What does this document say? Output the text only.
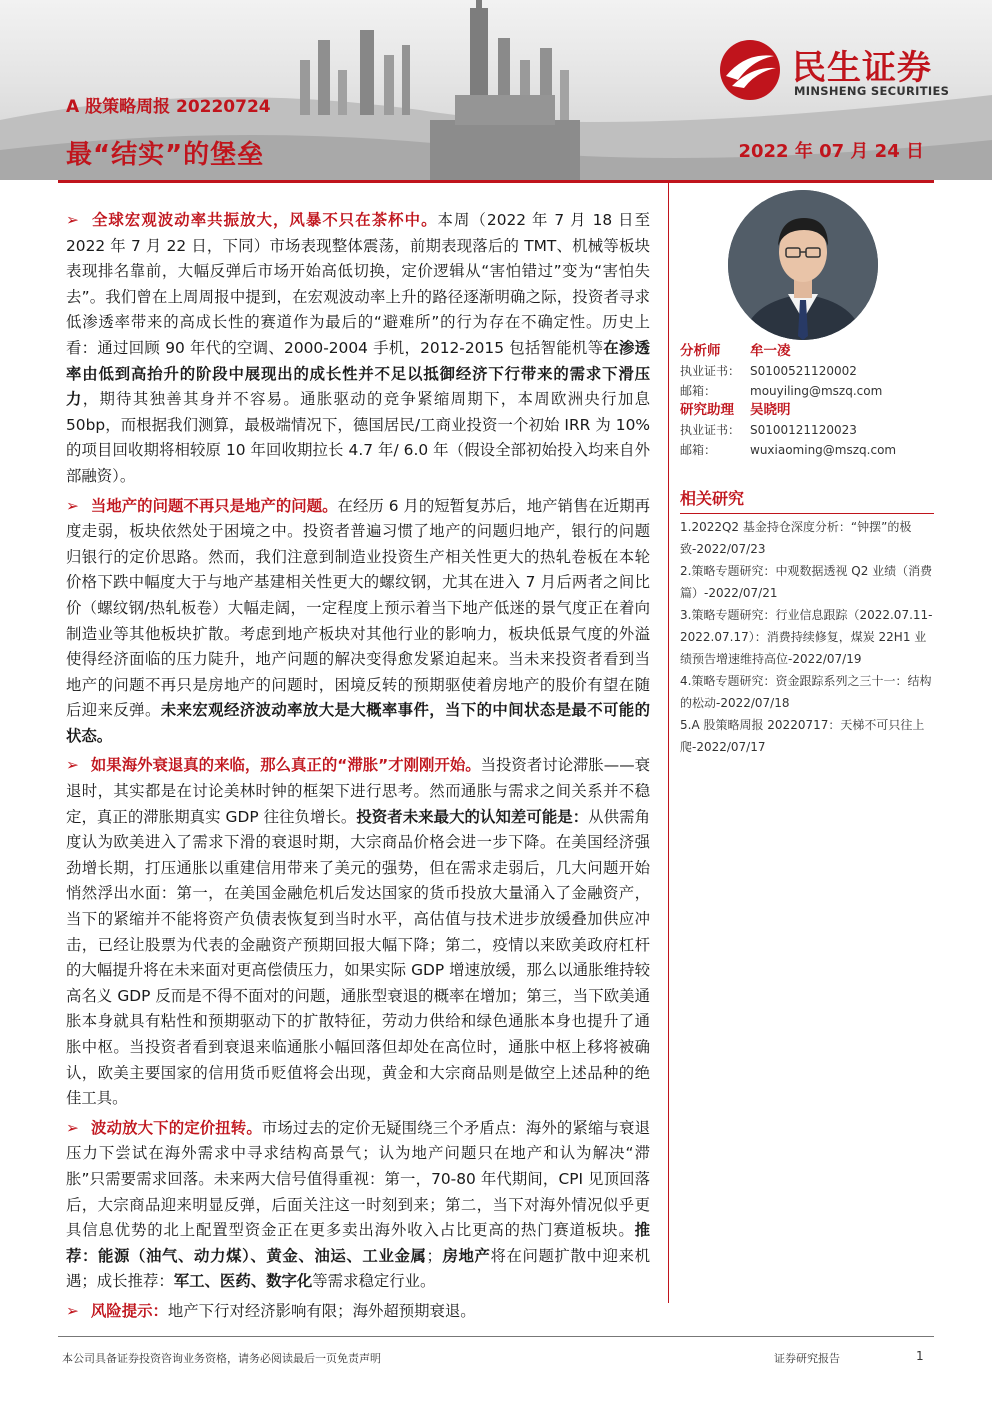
民生证券
MINSHENG SECURITIES
A 股策略周报 20220724
最“结实”的堡垒	2022 年 07 月 24 日

➢ 全球宏观波动率共振放大，风暴不只在茶杯中。本周（2022 年 7 月 18 日至 2022 年 7 月 22 日，下同）市场表现整体震荡，前期表现落后的 TMT、机械等板块表现排名靠前，大幅反弹后市场开始高低切换，定价逻辑从“害怕错过”变为“害怕失去”。我们曾在上周周报中提到，在宏观波动率上升的路径逐渐明确之际，投资者寻求低渗透率带来的高成长性的赛道作为最后的“避难所”的行为存在不确定性。历史上看：通过回顾 90 年代的空调、2000-2004 手机，2012-2015 包括智能机等在渗透率由低到高抬升的阶段中展现出的成长性并不足以抵御经济下行带来的需求下滑压力，期待其独善其身并不容易。通胀驱动的竞争紧缩周期下，本周欧洲央行加息 50bp，而根据我们测算，最极端情况下，德国居民/工商业投资一个初始 IRR 为 10%的项目回收期将相较原 10 年回收期拉长 4.7 年/ 6.0 年（假设全部初始投入均来自外部融资）。

➢ 当地产的问题不再只是地产的问题。在经历 6 月的短暂复苏后，地产销售在近期再度走弱，板块依然处于困境之中。投资者普遍习惯了地产的问题归地产，银行的问题归银行的定价思路。然而，我们注意到制造业投资生产相关性更大的热轧卷板在本轮价格下跌中幅度大于与地产基建相关性更大的螺纹钢，尤其在进入 7 月后两者之间比价（螺纹钢/热轧板卷）大幅走阔，一定程度上预示着当下地产低迷的景气度正在着向制造业等其他板块扩散。考虑到地产板块对其他行业的影响力，板块低景气度的外溢使得经济面临的压力陡升，地产问题的解决变得愈发紧迫起来。当未来投资者看到当地产的问题不再只是房地产的问题时，困境反转的预期驱使着房地产的股价有望在随后迎来反弹。未来宏观经济波动率放大是大概率事件，当下的中间状态是最不可能的状态。

➢ 如果海外衰退真的来临，那么真正的“滞胀”才刚刚开始。当投资者讨论滞胀——衰退时，其实都是在讨论美林时钟的框架下进行思考。然而通胀与需求之间关系并不稳定，真正的滞胀期真实 GDP 往往负增长。投资者未来最大的认知差可能是：从供需角度认为欧美进入了需求下滑的衰退时期，大宗商品价格会进一步下降。在美国经济强劲增长期，打压通胀以重建信用带来了美元的强势，但在需求走弱后，几大问题开始悄然浮出水面：第一，在美国金融危机后发达国家的货币投放大量涌入了金融资产，当下的紧缩并不能将资产负债表恢复到当时水平，高估值与技术进步放缓叠加供应冲击，已经让股票为代表的金融资产预期回报大幅下降；第二，疫情以来欧美政府杠杆的大幅提升将在未来面对更高偿债压力，如果实际 GDP 增速放缓，那么以通胀维持较高名义 GDP 反而是不得不面对的问题，通胀型衰退的概率在增加；第三，当下欧美通胀本身就具有粘性和预期驱动下的扩散特征，劳动力供给和绿色通胀本身也提升了通胀中枢。当投资者看到衰退来临通胀小幅回落但却处在高位时，通胀中枢上移将被确认，欧美主要国家的信用货币贬值将会出现，黄金和大宗商品则是做空上述品种的绝佳工具。

➢ 波动放大下的定价扭转。市场过去的定价无疑围绕三个矛盾点：海外的紧缩与衰退压力下尝试在海外需求中寻求结构高景气；认为地产问题只在地产和认为解决“滞胀”只需要需求回落。未来两大信号值得重视：第一，70-80 年代期间，CPI 见顶回落后，大宗商品迎来明显反弹，后面关注这一时刻到来；第二，当下对海外情况似乎更具信息优势的北上配置型资金正在更多卖出海外收入占比更高的热门赛道板块。推荐：能源（油气、动力煤）、黄金、油运、工业金属；房地产将在问题扩散中迎来机遇；成长推荐：军工、医药、数字化等需求稳定行业。

➢ 风险提示：地产下行对经济影响有限；海外超预期衰退。

分析师	牟一凌
执业证书： S0100521120002
邮箱：	mouyiling@mszq.com
研究助理	吴晓明
执业证书： S0100121120023
邮箱：	wuxiaoming@mszq.com
相关研究
1.2022Q2 基金持仓深度分析：“钟摆”的极致-2022/07/23
2.策略专题研究：中观数据透视 Q2 业绩（消费篇）-2022/07/21
3.策略专题研究：行业信息跟踪（2022.07.11-2022.07.17）：消费持续修复，煤炭 22H1 业绩预告增速维持高位-2022/07/19
4.策略专题研究：资金跟踪系列之三十一：结构的松动-2022/07/18
5.A 股策略周报 20220717：天梯不可只往上爬-2022/07/17
本公司具备证券投资咨询业务资格，请务必阅读最后一页免责声明	证券研究报告	1
